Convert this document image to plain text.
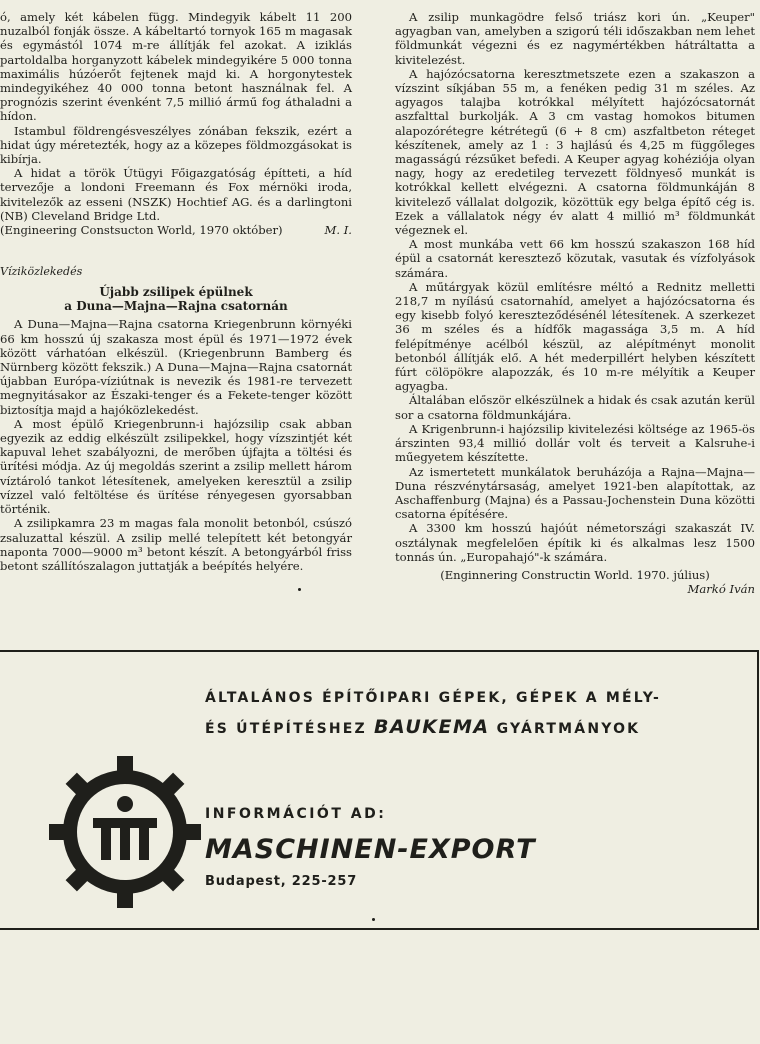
ó, amely két kábelen függ. Mindegyik kábelt 11 200 nuzalból fonják össze. A kábeltartó tornyok 165 m magasak és egymástól 1074 m-re állítják fel azokat. A iziklás partoldalba horganyzott kábelek mindegyikére 5 000 tonna maximális húzóerőt fejtenek majd ki. A horgonytestek mindegyikéhez 40 000 tonna betont használnak fel. A prognózis szerint évenként 7,5 millió ármű fog áthaladni a hídon.

Istambul földrengésveszélyes zónában fekszik, ezért a hidat úgy méretezték, hogy az a közepes földmozgásokat is kibírja.

A hidat a török Útügyi Főigazgatóság építteti, a híd tervezője a londoni Freemann és Fox mérnöki iroda, kivitelezők az esseni (NSZK) Hochtief AG. és a darlingtoni (NB) Cleveland Bridge Ltd.

(Engineering Constsucton World, 1970 október)	M. I.
Víziközlekedés
Újabb zsilipek épülnek
a Duna—Majna—Rajna csatornán

A Duna—Majna—Rajna csatorna Kriegenbrunn környéki 66 km hosszú új szakasza most épül és 1971—1972 évek között várhatóan elkészül. (Kriegenbrunn Bamberg és Nürnberg között fekszik.) A Duna—Majna—Rajna csatornát újabban Európa-víziútnak is nevezik és 1981-re tervezett megnyitásakor az Északi-tenger és a Fekete-tenger között biztosítja majd a hajóközlekedést.

A most épülő Kriegenbrunn-i hajózsilip csak abban egyezik az eddig elkészült zsilipekkel, hogy vízszintjét két kapuval lehet szabályozni, de merőben újfajta a töltési és ürítési módja. Az új megoldás szerint a zsilip mellett három víztároló tankot létesítenek, amelyeken keresztül a zsilip vízzel való feltöltése és ürítése rényegesen gyorsabban történik.

A zsilipkamra 23 m magas fala monolit betonból, csúszó zsaluzattal készül. A zsilip mellé telepített két betongyár naponta 7000—9000 m³ betont készít. A betongyárból friss betont szállítószalagon juttatják a beépítés helyére.

A zsilip munkagödre felső triász kori ún. „Keuper" agyagban van, amelyben a szigorú téli időszakban nem lehet földmunkát végezni és ez nagymértékben hátráltatta a kivitelezést.

A hajózócsatorna keresztmetszete ezen a szakaszon a vízszint síkjában 55 m, a fenéken pedig 31 m széles. Az agyagos talajba kotrókkal mélyített hajózócsatornát aszfalttal burkolják. A 3 cm vastag homokos bitumen alapozórétegre kétrétegű (6 + 8 cm) aszfaltbeton réteget készítenek, amely az 1 : 3 hajlású és 4,25 m függőleges magasságú rézsűket befedi. A Keuper agyag kohéziója olyan nagy, hogy az eredetileg tervezett földnyeső munkát is kotrókkal kellett elvégezni. A csatorna földmunkáján 8 kivitelező vállalat dolgozik, közöttük egy belga építő cég is. Ezek a vállalatok négy év alatt 4 millió m³ földmunkát végeznek el.

A most munkába vett 66 km hosszú szakaszon 168 híd épül a csatornát keresztező közutak, vasutak és vízfolyások számára.

A műtárgyak közül említésre méltó a Rednitz melletti 218,7 m nyílású csatornahíd, amelyet a hajózócsatorna és egy kisebb folyó kereszteződésénél létesítenek. A szerkezet 36 m széles és a hídfők magassága 3,5 m. A híd felépítménye acélból készül, az alépítményt monolit betonból állítják elő. A hét mederpillért helyben készített fúrt cölöpökre alapozzák, és 10 m-re mélyítik a Keuper agyagba.

Általában először elkészülnek a hidak és csak azután kerül sor a csatorna földmunkájára.

A Krigenbrunn-i hajózsilip kivitelezési költsége az 1965-ös árszinten 93,4 millió dollár volt és terveit a Kalsruhe-i műegyetem készítette.

Az ismertetett munkálatok beruházója a Rajna—Majna—Duna részvénytársaság, amelyet 1921-ben alapítottak, az Aschaffenburg (Majna) és a Passau-Jochenstein Duna közötti csatorna építésére.

A 3300 km hosszú hajóút németországi szakaszát IV. osztálynak megfelelően építik ki és alkalmas lesz 1500 tonnás ún. „Europahajó"-k számára.

(Enginnering Constructin World. 1970. július)
Markó Iván
ÁLTALÁNOS ÉPÍTŐIPARI GÉPEK, GÉPEK A MÉLY-
ÉS ÚTÉPÍTÉSHEZ BAUKEMA GYÁRTMÁNYOK
INFORMÁCIÓT AD:
MASCHINEN-EXPORT
Budapest, 225-257
